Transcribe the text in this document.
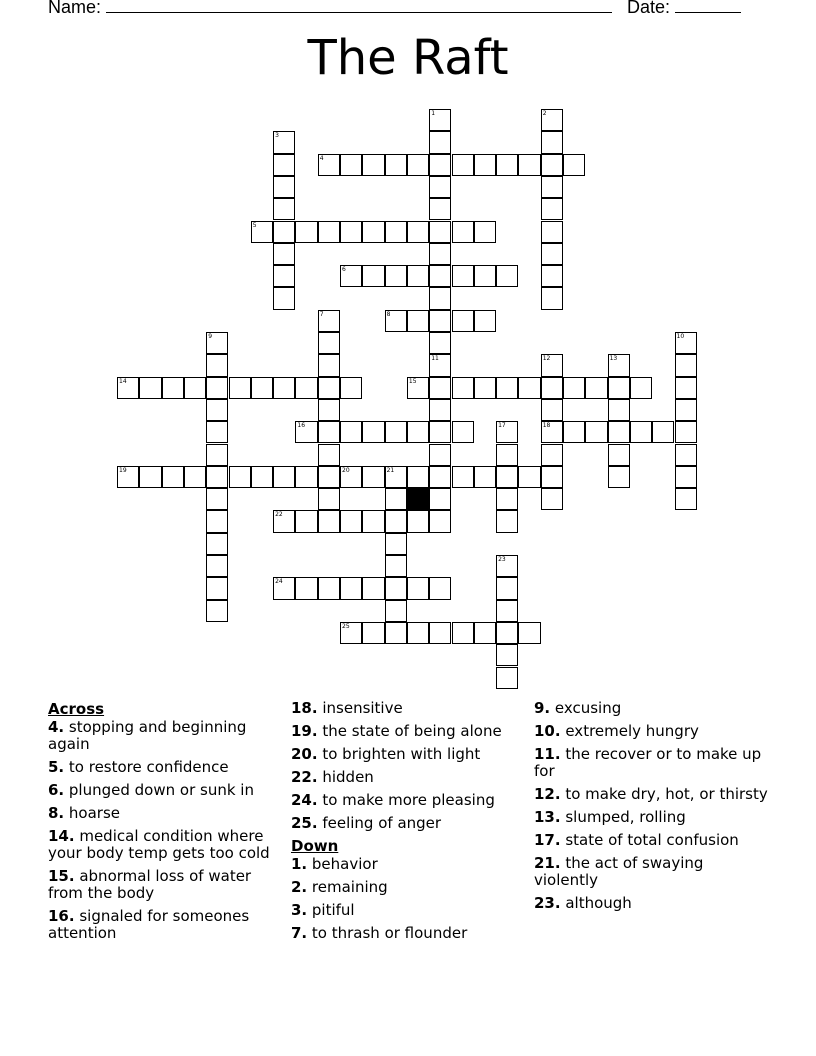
Name:	Date:
The Raft
1	2
3
4
5
6
7	8
9	10
11	12
18
13
14	15
16	17
19	20	21
22
23
24
25
Across
4. stopping and beginning again
5. to restore confidence
6. plunged down or sunk in
8. hoarse
14. medical condition where your body temp gets too cold
15. abnormal loss of water from the body
16. signaled for someones attention
18. insensitive
19. the state of being alone
20. to brighten with light
22. hidden
24. to make more pleasing
25. feeling of anger
Down
1. behavior
2. remaining
3. pitiful
7. to thrash or flounder
9. excusing
10. extremely hungry
11. the recover or to make up for
12. to make dry, hot, or thirsty
13. slumped, rolling
17. state of total confusion
21. the act of swaying violently
23. although
